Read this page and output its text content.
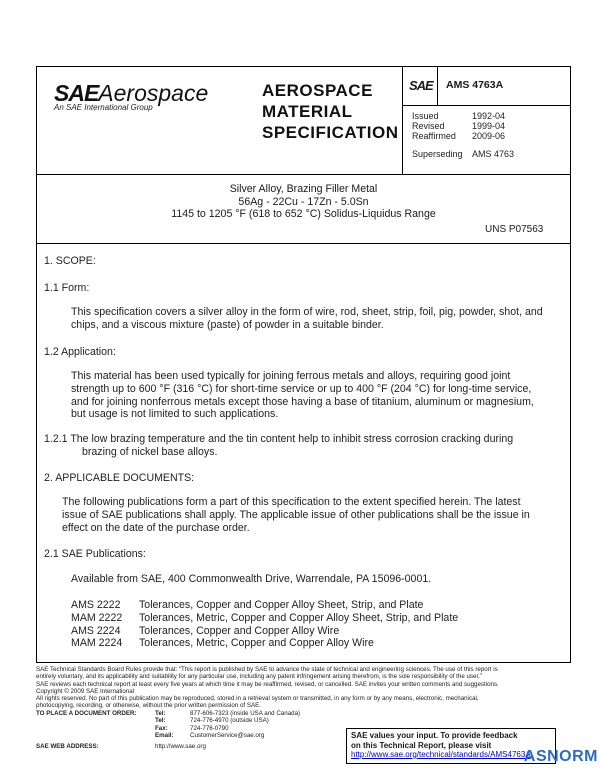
SAEAerospace
An SAE International Group
AEROSPACE
MATERIAL
SPECIFICATION
SAE AMS 4763A
Issued	1992-04
Revised	1999-04
Reaffirmed	2009-06
Superseding	AMS 4763
Silver Alloy, Brazing Filler Metal
56Ag - 22Cu - 17Zn - 5.0Sn
1145 to 1205 °F (618 to 652 °C) Solidus-Liquidus Range
UNS P07563
1. SCOPE:
1.1 Form:
This specification covers a silver alloy in the form of wire, rod, sheet, strip, foil, pig, powder, shot, and
chips, and a viscous mixture (paste) of powder in a suitable binder.
1.2 Application:
This material has been used typically for joining ferrous metals and alloys, requiring good joint
strength up to 600 °F (316 °C) for short-time service or up to 400 °F (204 °C) for long-time service,
and for joining nonferrous metals except those having a base of titanium, aluminum or magnesium,
but usage is not limited to such applications.
1.2.1 The low brazing temperature and the tin content help to inhibit stress corrosion cracking during
brazing of nickel base alloys.
2. APPLICABLE DOCUMENTS:
The following publications form a part of this specification to the extent specified herein. The latest
issue of SAE publications shall apply. The applicable issue of other publications shall be the issue in
effect on the date of the purchase order.
2.1 SAE Publications:
Available from SAE, 400 Commonwealth Drive, Warrendale, PA 15096-0001.
AMS 2222	Tolerances, Copper and Copper Alloy Sheet, Strip, and Plate
MAM 2222	Tolerances, Metric, Copper and Copper Alloy Sheet, Strip, and Plate
AMS 2224	Tolerances, Copper and Copper Alloy Wire
MAM 2224	Tolerances, Metric, Copper and Copper Alloy Wire
SAE Technical Standards Board Rules provide that: “This report is published by SAE to advance the state of technical and engineering sciences. The use of this report is
entirely voluntary, and its applicability and suitability for any particular use, including any patent infringement arising therefrom, is the sole responsibility of the user.”
SAE reviews each technical report at least every five years at which time it may be reaffirmed, revised, or cancelled. SAE invites your written comments and suggestions.
Copyright © 2009 SAE International
All rights reserved. No part of this publication may be reproduced, stored in a retrieval system or transmitted, in any form or by any means, electronic, mechanical,
photocopying, recording, or otherwise, without the prior written permission of SAE.
TO PLACE A DOCUMENT ORDER:	Tel:	877-606-7323 (inside USA and Canada)
Tel:	724-776-4970 (outside USA)
Fax:	724-776-0790
Email:	CustomerService@sae.org
SAE WEB ADDRESS:	http://www.sae.org
SAE values your input. To provide feedback
on this Technical Report, please visit
http://www.sae.org/technical/standards/AMS4763A
ASNORM
